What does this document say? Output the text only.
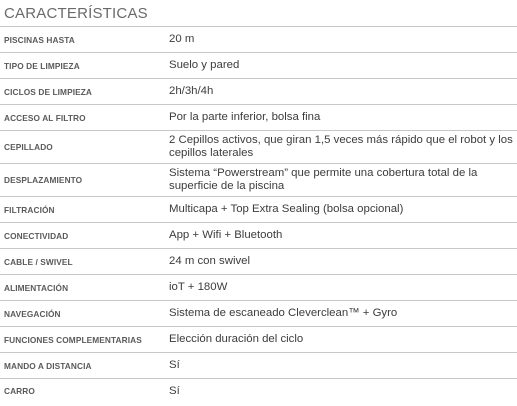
CARACTERÍSTICAS
PISCINAS HASTA	20 m
TIPO DE LIMPIEZA	Suelo y pared
CICLOS DE LIMPIEZA	2h/3h/4h
ACCESO AL FILTRO	Por la parte inferior, bolsa fina
CEPILLADO	2 Cepillos activos, que giran 1,5 veces más rápido que el robot y los cepillos laterales
DESPLAZAMIENTO	Sistema “Powerstream” que permite una cobertura total de la superficie de la piscina
FILTRACIÓN	Multicapa + Top Extra Sealing (bolsa opcional)
CONECTIVIDAD	App + Wifi + Bluetooth
CABLE / SWIVEL	24 m con swivel
ALIMENTACIÓN	ioT + 180W
NAVEGACIÓN	Sistema de escaneado Cleverclean™ + Gyro
FUNCIONES COMPLEMENTARIAS	Elección duración del ciclo
MANDO A DISTANCIA	Sí
CARRO	Sí
